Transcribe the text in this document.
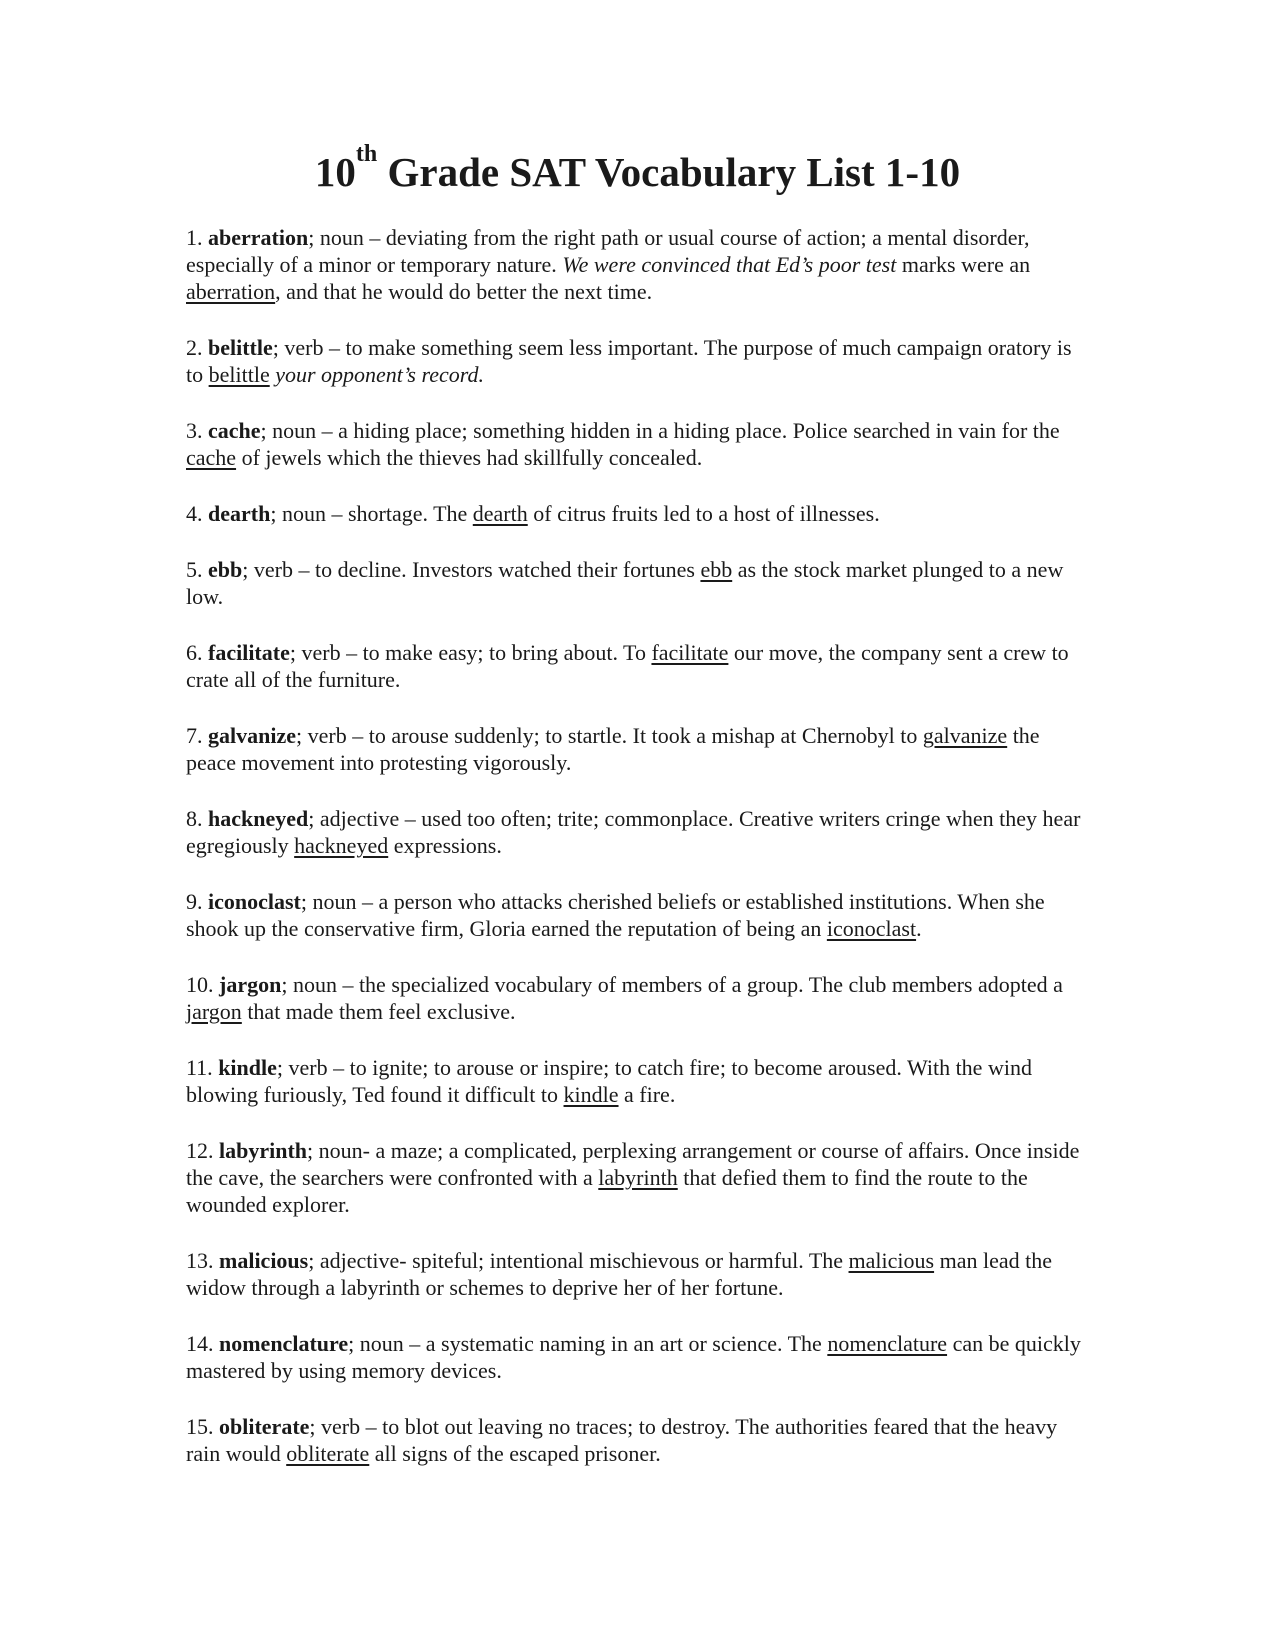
10th Grade SAT Vocabulary List 1-10

1. aberration; noun – deviating from the right path or usual course of action; a mental disorder, especially of a minor or temporary nature. We were convinced that Ed’s poor test marks were an aberration, and that he would do better the next time.

2. belittle; verb – to make something seem less important. The purpose of much campaign oratory is to belittle your opponent’s record.

3. cache; noun – a hiding place; something hidden in a hiding place. Police searched in vain for the cache of jewels which the thieves had skillfully concealed.

4. dearth; noun – shortage. The dearth of citrus fruits led to a host of illnesses.

5. ebb; verb – to decline. Investors watched their fortunes ebb as the stock market plunged to a new low.

6. facilitate; verb – to make easy; to bring about. To facilitate our move, the company sent a crew to crate all of the furniture.

7. galvanize; verb – to arouse suddenly; to startle. It took a mishap at Chernobyl to galvanize the peace movement into protesting vigorously.

8. hackneyed; adjective – used too often; trite; commonplace. Creative writers cringe when they hear egregiously hackneyed expressions.

9. iconoclast; noun – a person who attacks cherished beliefs or established institutions. When she shook up the conservative firm, Gloria earned the reputation of being an iconoclast.

10. jargon; noun – the specialized vocabulary of members of a group. The club members adopted a jargon that made them feel exclusive.

11. kindle; verb – to ignite; to arouse or inspire; to catch fire; to become aroused. With the wind blowing furiously, Ted found it difficult to kindle a fire.

12. labyrinth; noun- a maze; a complicated, perplexing arrangement or course of affairs. Once inside the cave, the searchers were confronted with a labyrinth that defied them to find the route to the wounded explorer.

13. malicious; adjective- spiteful; intentional mischievous or harmful. The malicious man lead the widow through a labyrinth or schemes to deprive her of her fortune.

14. nomenclature; noun – a systematic naming in an art or science. The nomenclature can be quickly mastered by using memory devices.

15. obliterate; verb – to blot out leaving no traces; to destroy. The authorities feared that the heavy rain would obliterate all signs of the escaped prisoner.
